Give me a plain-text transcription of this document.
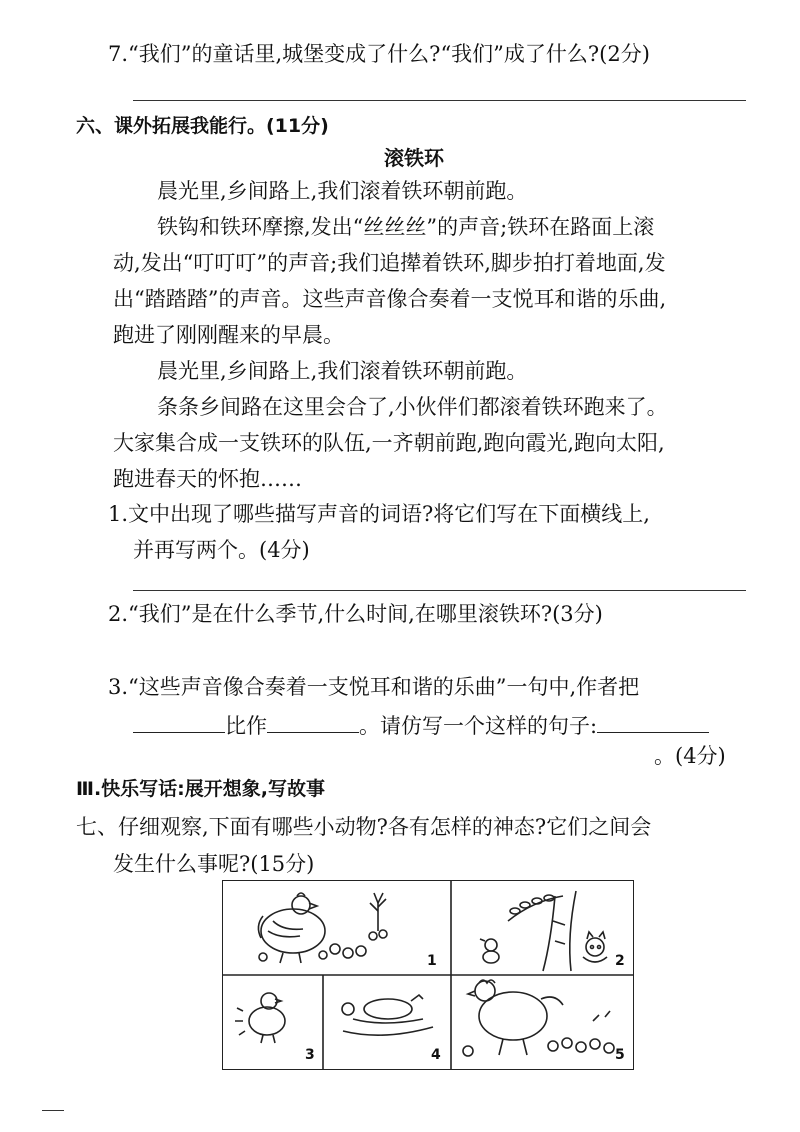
7.“我们”的童话里,城堡变成了什么?“我们”成了什么?(2分)
六、课外拓展我能行。(11分)
滚铁环
晨光里,乡间路上,我们滚着铁环朝前跑。
铁钩和铁环摩擦,发出“丝丝丝”的声音;铁环在路面上滚
动,发出“叮叮叮”的声音;我们追撵着铁环,脚步拍打着地面,发
出“踏踏踏”的声音。这些声音像合奏着一支悦耳和谐的乐曲,
跑进了刚刚醒来的早晨。
晨光里,乡间路上,我们滚着铁环朝前跑。
条条乡间路在这里会合了,小伙伴们都滚着铁环跑来了。
大家集合成一支铁环的队伍,一齐朝前跑,跑向霞光,跑向太阳,
跑进春天的怀抱……
1.文中出现了哪些描写声音的词语?将它们写在下面横线上,
并再写两个。(4分)
2.“我们”是在什么季节,什么时间,在哪里滚铁环?(3分)
3.“这些声音像合奏着一支悦耳和谐的乐曲”一句中,作者把
比作	。请仿写一个这样的句子:
。(4分)
Ⅲ.快乐写话:展开想象,写故事
七、仔细观察,下面有哪些小动物?各有怎样的神态?它们之间会
发生什么事呢?(15分)
1	2
3	4	5
